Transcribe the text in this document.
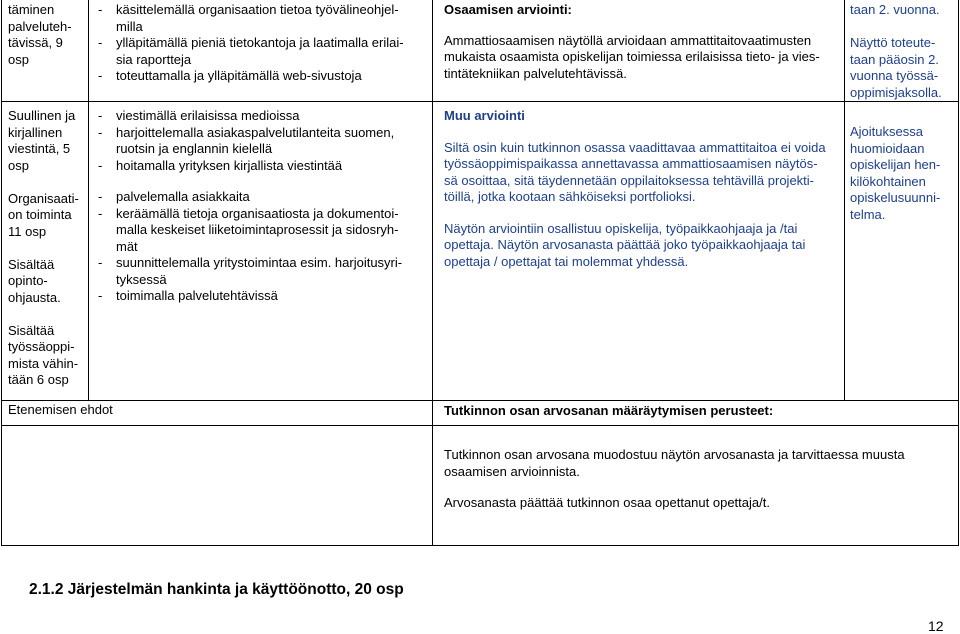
täminen
palveluteh-
tävissä, 9
osp
- käsittelemällä organisaation tietoa työvälineohjel-
milla
- ylläpitämällä pieniä tietokantoja ja laatimalla erilai-
sia raportteja
- toteuttamalla ja ylläpitämällä web-sivustoja

Osaamisen arviointi:

Ammattiosaamisen näytöllä arvioidaan ammattitaitovaatimusten
mukaista osaamista opiskelijan toimiessa erilaisissa tieto- ja vies-
tintätekniikan palvelutehtävissä.
taan 2. vuonna.
Näyttö toteute-
taan pääosin 2.
vuonna työssä-
oppimisjaksolla.
Suullinen ja
kirjallinen
viestintä, 5
osp
Organisaati-
on toiminta
11 osp
Sisältää
opinto-
ohjausta.
Sisältää
työssäoppi-
mista vähin-
tään 6 osp
- viestimällä erilaisissa medioissa
- harjoittelemalla asiakaspalvelutilanteita suomen,
ruotsin ja englannin kielellä
- hoitamalla yrityksen kirjallista viestintää
- palvelemalla asiakkaita
- keräämällä tietoja organisaatiosta ja dokumentoi-
malla keskeiset liiketoimintaprosessit ja sidosryh-
mät
- suunnittelemalla yritystoimintaa esim. harjoitusyri-
tyksessä
- toimimalla palvelutehtävissä

Muu arviointi

Siltä osin kuin tutkinnon osassa vaadittavaa ammattitaitoa ei voida
työssäoppimispaikassa annettavassa ammattiosaamisen näytös-
sä osoittaa, sitä täydennetään oppilaitoksessa tehtävillä projekti-
töillä, jotka kootaan sähköiseksi portfolioksi.
Näytön arviointiin osallistuu opiskelija, työpaikkaohjaaja ja /tai
opettaja. Näytön arvosanasta päättää joko työpaikkaohjaaja tai
opettaja / opettajat tai molemmat yhdessä.
Ajoituksessa
huomioidaan
opiskelijan hen-
kilökohtainen
opiskelusuunni-
telma.

Etenemisen ehdot	Tutkinnon osan arvosanan määräytymisen perusteet:

Tutkinnon osan arvosana muodostuu näytön arvosanasta ja tarvittaessa muusta
osaamisen arvioinnista.
Arvosanasta päättää tutkinnon osaa opettanut opettaja/t.
2.1.2 Järjestelmän hankinta ja käyttöönotto, 20 osp
12
